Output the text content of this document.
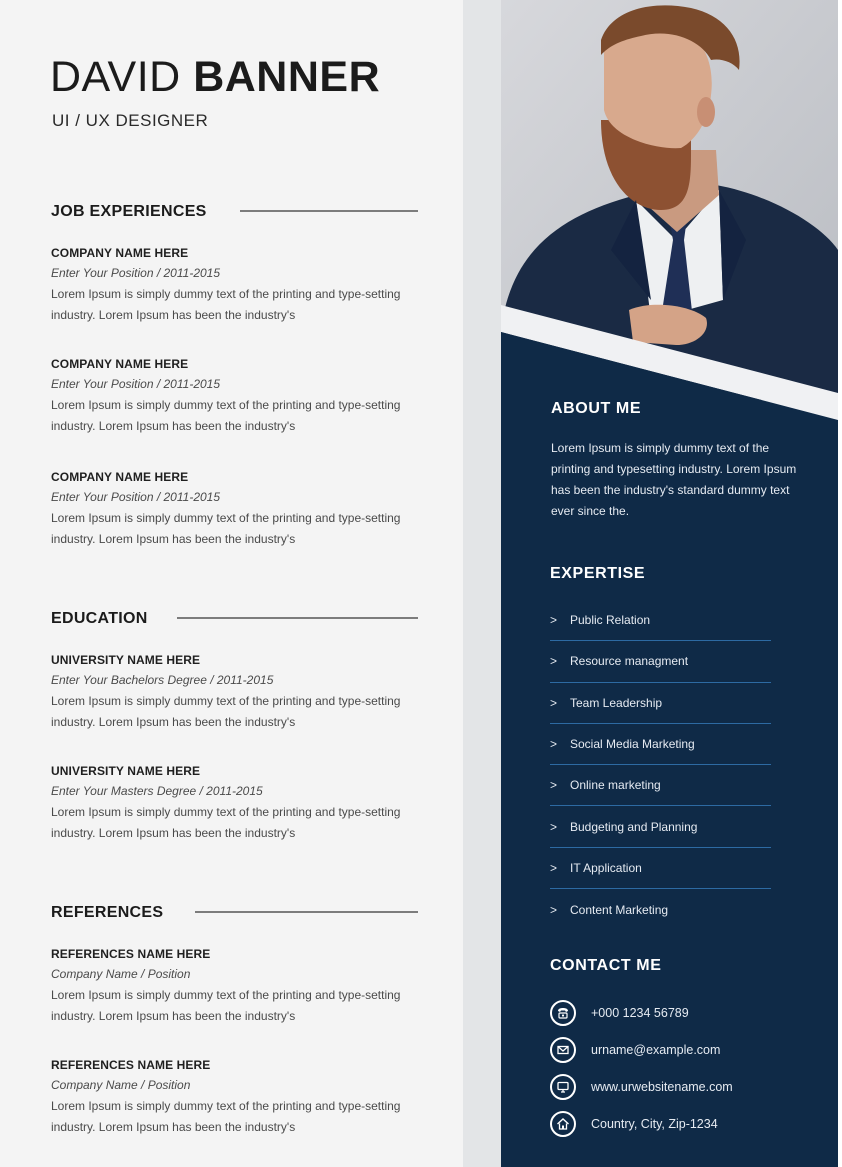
DAVID BANNER
UI / UX DESIGNER
JOB EXPERIENCES
COMPANY NAME HERE
Enter Your Position / 2011-2015
Lorem Ipsum is simply dummy text of the printing and type-setting industry. Lorem Ipsum has been the industry's
COMPANY NAME HERE
Enter Your Position / 2011-2015
Lorem Ipsum is simply dummy text of the printing and type-setting industry. Lorem Ipsum has been the industry's
COMPANY NAME HERE
Enter Your Position / 2011-2015
Lorem Ipsum is simply dummy text of the printing and type-setting industry. Lorem Ipsum has been the industry's
EDUCATION
UNIVERSITY NAME HERE
Enter Your Bachelors Degree / 2011-2015
Lorem Ipsum is simply dummy text of the printing and type-setting industry. Lorem Ipsum has been the industry's
UNIVERSITY NAME HERE
Enter Your Masters Degree / 2011-2015
Lorem Ipsum is simply dummy text of the printing and type-setting industry. Lorem Ipsum has been the industry's
REFERENCES
REFERENCES NAME HERE
Company Name / Position
Lorem Ipsum is simply dummy text of the printing and type-setting industry. Lorem Ipsum has been the industry's
REFERENCES NAME HERE
Company Name / Position
Lorem Ipsum is simply dummy text of the printing and type-setting industry. Lorem Ipsum has been the industry's
ABOUT ME
Lorem Ipsum is simply dummy text of the printing and typesetting industry. Lorem Ipsum has been the industry's standard dummy text ever since the.
EXPERTISE
>	Public Relation
>	Resource managment
>	Team Leadership
>	Social Media Marketing
>	Online marketing
>	Budgeting and Planning
>	IT Application
>	Content Marketing
CONTACT ME
+000 1234 56789
urname@example.com
www.urwebsitename.com
Country, City, Zip-1234
